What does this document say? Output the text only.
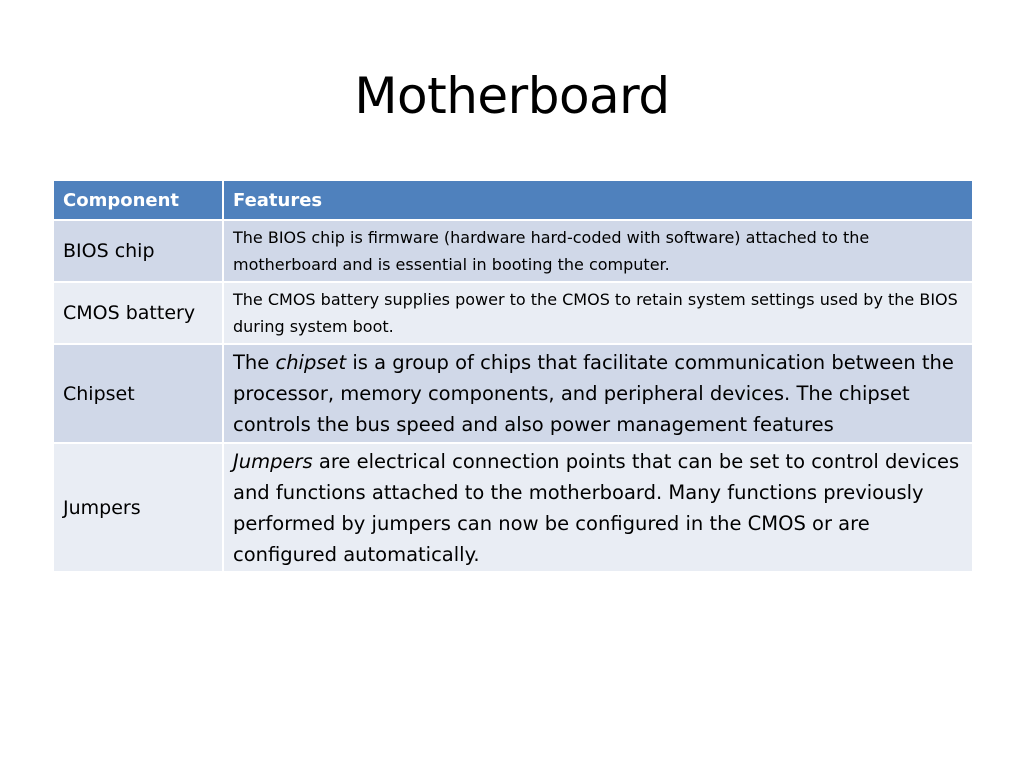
Motherboard
Component	Features
BIOS chip	The BIOS chip is firmware (hardware hard-coded with software) attached to the motherboard and is essential in booting the computer.
CMOS battery	The CMOS battery supplies power to the CMOS to retain system settings used by the BIOS during system boot.
Chipset	The chipset is a group of chips that facilitate communication between the processor, memory components, and peripheral devices. The chipset controls the bus speed and also power management features
Jumpers	Jumpers are electrical connection points that can be set to control devices and functions attached to the motherboard. Many functions previously performed by jumpers can now be configured in the CMOS or are configured automatically.
